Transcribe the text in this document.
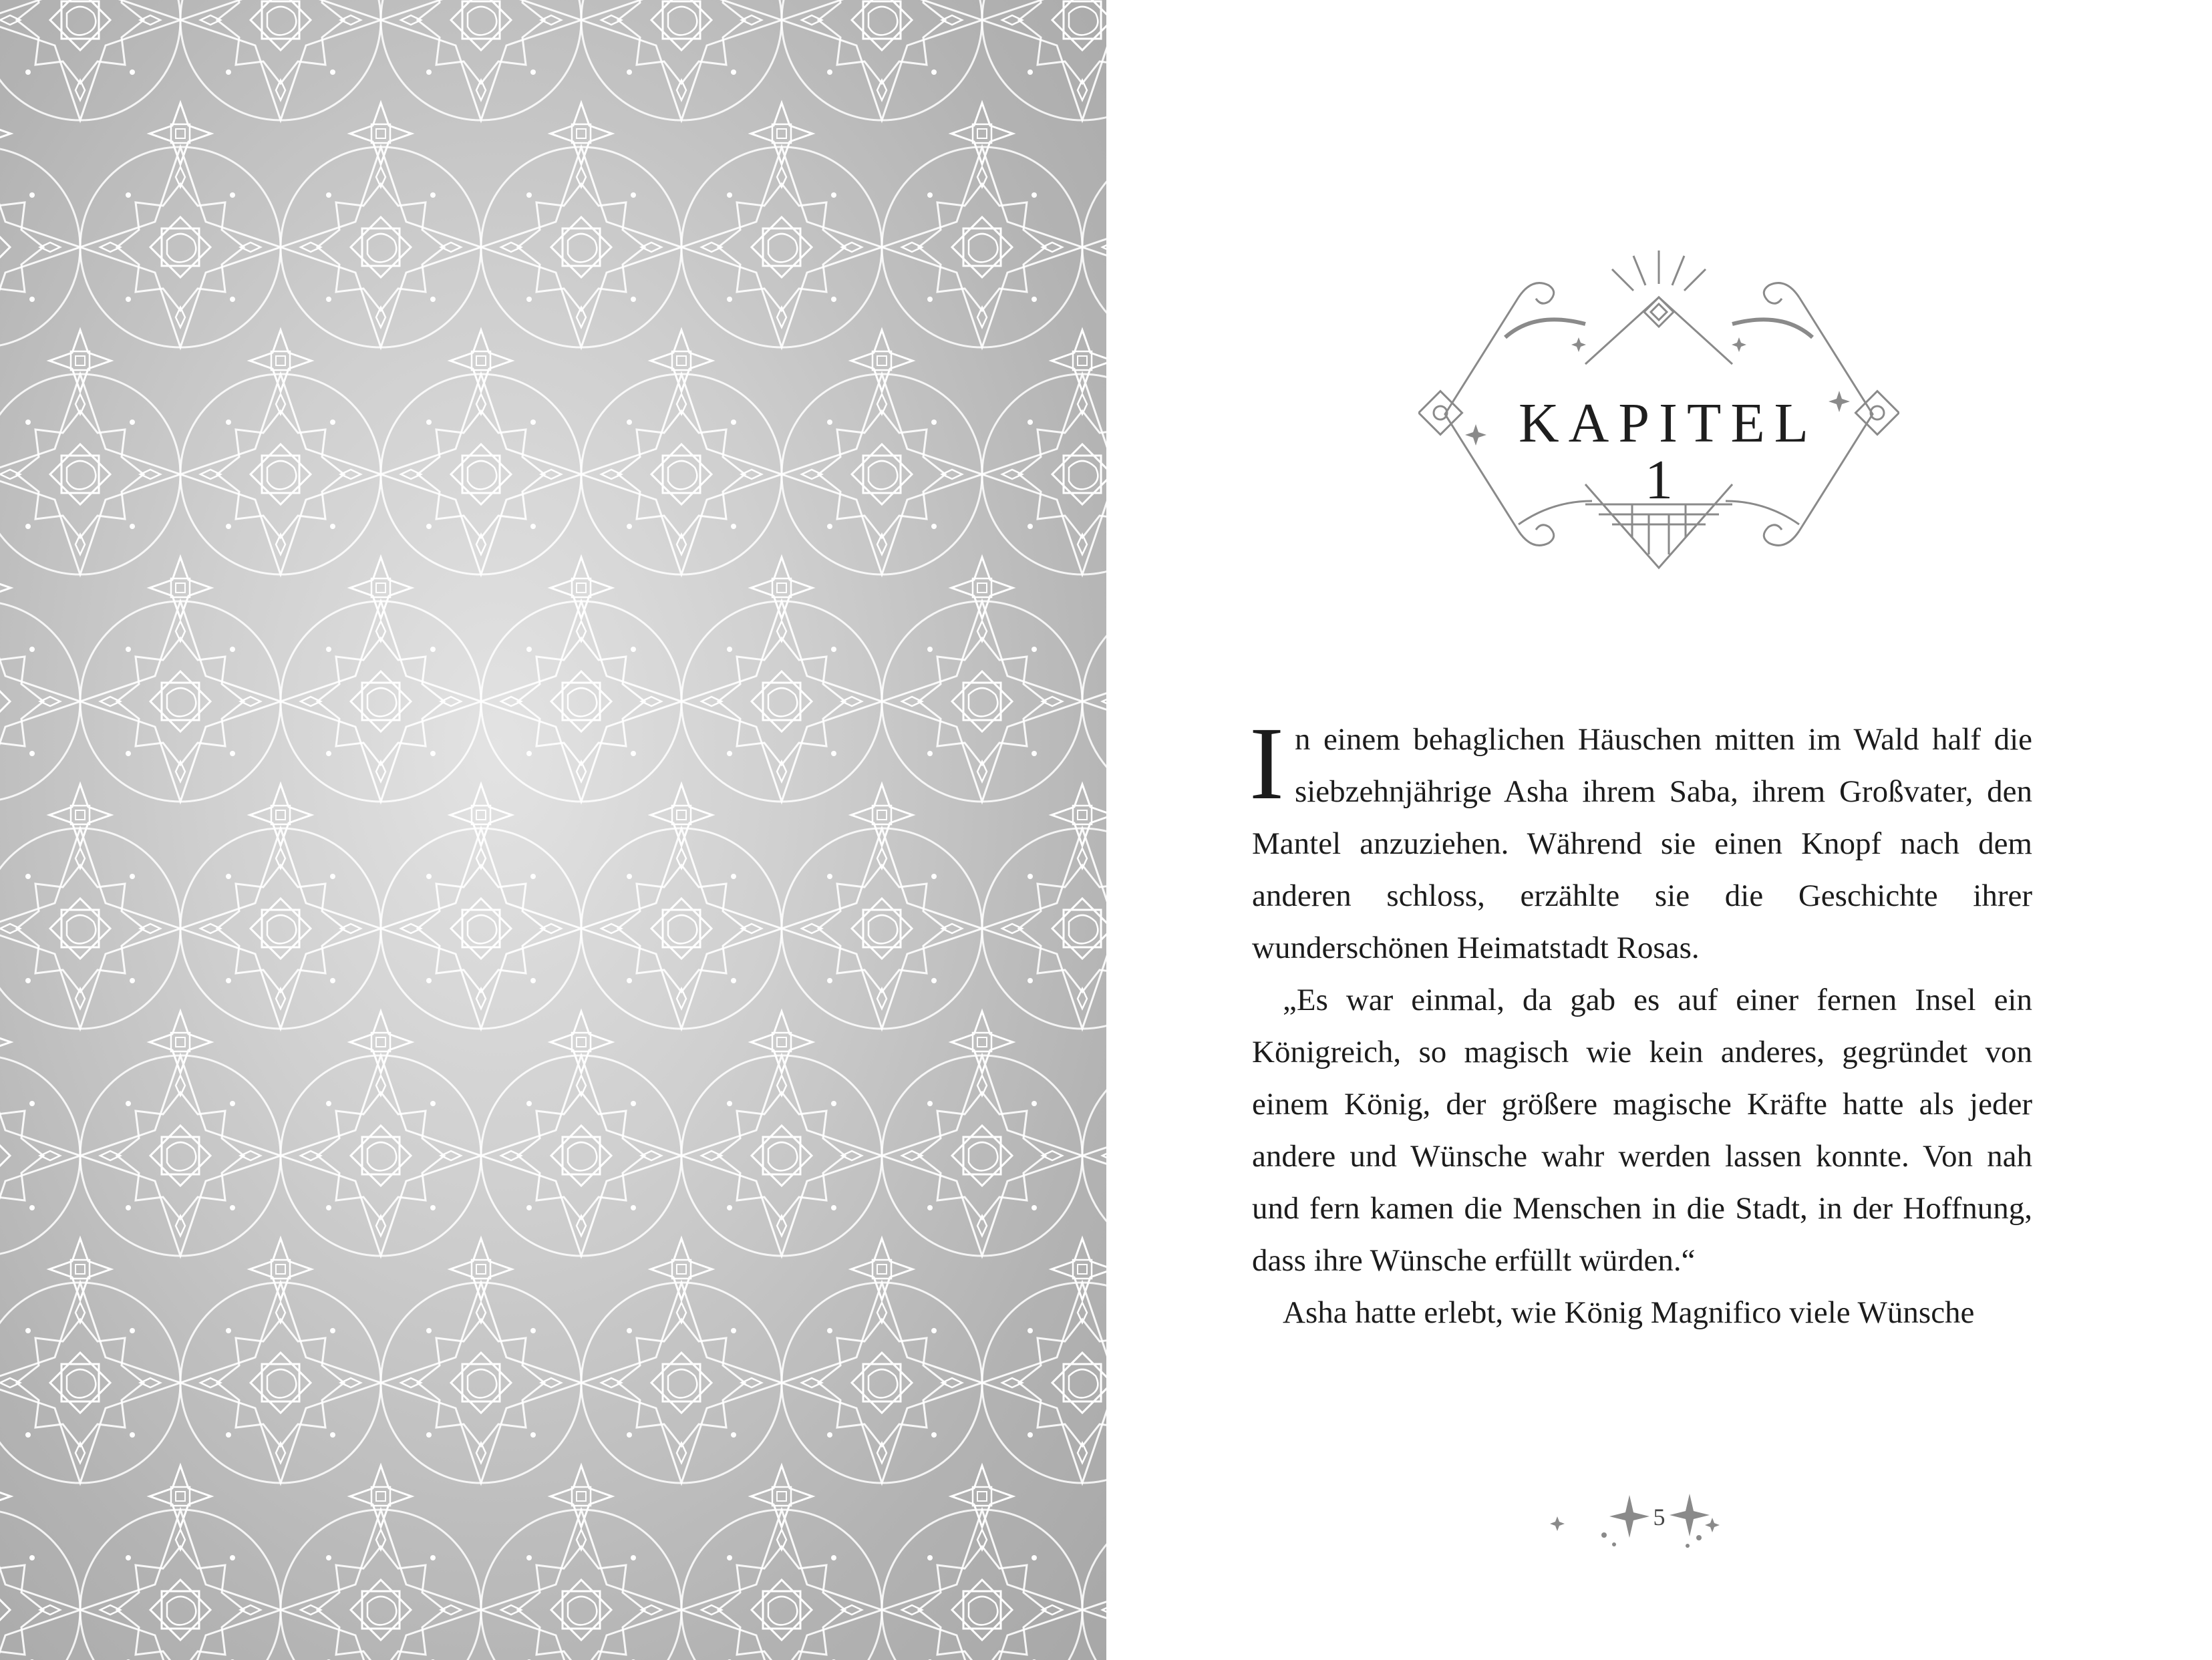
KAPITEL
1

In einem behaglichen Häuschen mitten im Wald half die siebzehnjährige Asha ihrem Saba, ihrem Großvater, den Mantel anzuziehen. Während sie einen Knopf nach dem anderen schloss, erzählte sie die Geschichte ihrer wunderschönen Heimatstadt Rosas.

„Es war einmal, da gab es auf einer fernen Insel ein Königreich, so magisch wie kein anderes, gegründet von einem König, der größere magische Kräfte hatte als jeder andere und Wünsche wahr werden lassen konnte. Von nah und fern kamen die Menschen in die Stadt, in der Hoffnung, dass ihre Wünsche erfüllt würden.“

Asha hatte erlebt, wie König Magnifico viele Wünsche

5
